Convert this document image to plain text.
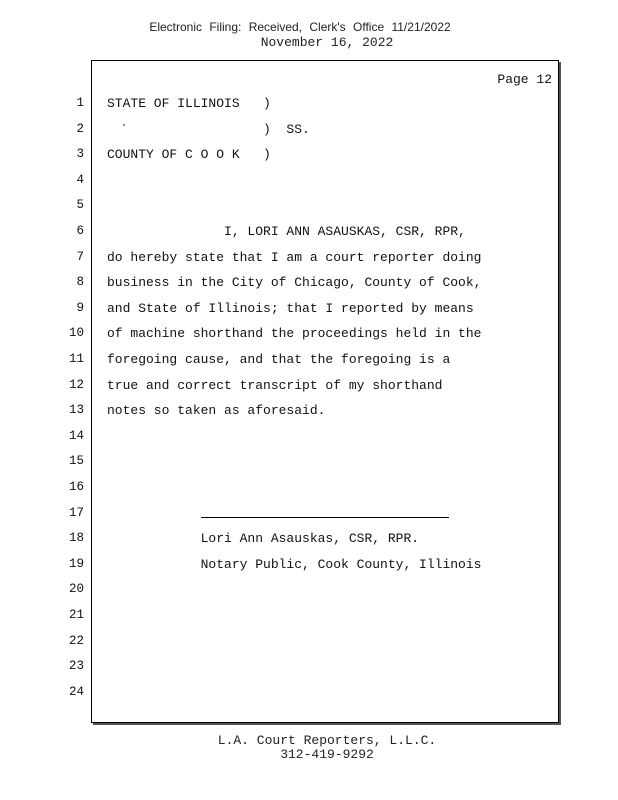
Electronic Filing: Received, Clerk's Office 11/21/2022
November 16, 2022
Page 12
1 STATE OF ILLINOIS   )
2 )  SS.
3 COUNTY OF C O O K   )
4
5
6 I, LORI ANN ASAUSKAS, CSR, RPR,
7 do hereby state that I am a court reporter doing
8 business in the City of Chicago, County of Cook,
9 and State of Illinois; that I reported by means
10 of machine shorthand the proceedings held in the
11 foregoing cause, and that the foregoing is a
12 true and correct transcript of my shorthand
13 notes so taken as aforesaid.
14
15
16
17
18 Lori Ann Asauskas, CSR, RPR.
19 Notary Public, Cook County, Illinois
20
21
22
23
24
L.A. Court Reporters, L.L.C.
312-419-9292
